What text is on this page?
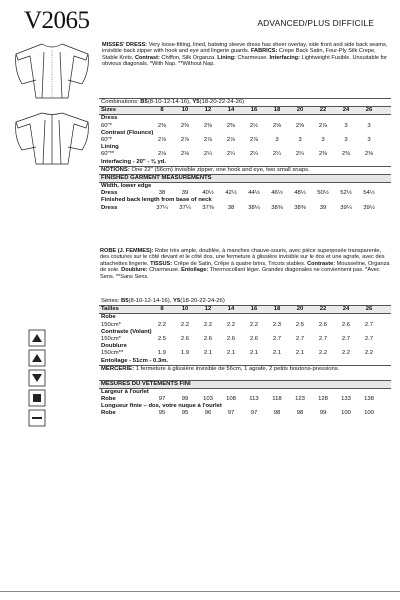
V2065	ADVANCED/PLUS DIFFICILE

MISSES' DRESS: Very loose-fitting, lined, batwing sleeve dress has sheer overlay, side front and side back seams, invisible back zipper with hook and eye and lingerie guards. FABRICS: Crepe Back Satin, Four-Ply Silk Crepe, Stable Knits. Contrast: Chiffon, Silk Organza. Lining: Charmeuse. Interfacing: Lightweight Fusible. Unsuitable for obvious diagonals. *With Nap. **Without Nap.

Combinations: B5(8-10-12-14-16), Y5(18-20-22-24-26)
Sizes	8	10	12	14	16	18	20	22	24	26
Dress
60"*	2⅜	2⅜	2⅜	2⅜	2½	2⅝	2⅝	2⅞	3	3
Contrast (Flounce)
60"*	2⅞	2⅞	2⅞	2⅞	2⅞	3	3	3	3	3
Lining
60"**	2⅛	2⅛	2¼	2¼	2¼	2¼	2¼	2⅜	2⅜	2⅜
Interfacing - 20" - ⅜ yd.
NOTIONS: One 22" (56cm) invisible zipper, one hook and eye, two small snaps.
FINISHED GARMENT MEASUREMENTS
Width, lower edge
Dress	38	39	40½	42½	44½	46½	48½	50½	52½	54½
Finished back length from base of neck
Dress	37¼	37¼	37⅜	38	38¼	38⅜	38⅜	39	39¼	39½

ROBE (J. FEMMES): Robe très ample, doublée, à manches chauve-souris, avec pièce superposée transparente, des coutures sur le côté devant et le côté dos, une fermeture à glissière invisible sur le dos et une agrafe, avec des attachettes lingerie. TISSUS: Crêpe de Satin, Crêpe à quatre brins, Tricots stables. Contraste: Mousseline, Organza de soie. Doublure: Charmeuse. Entoilage: Thermocollant léger. Grandes diagonales ne conviennent pas. *Avec Sens. **Sans Sens.

Séries: B5(8-10-12-14-16), Y5(18-20-22-24-26)
Tailles	8	10	12	14	16	18	20	22	24	26
Robe
150cm*	2.2	2.2	2.2	2.2	2.2	2.3	2.5	2.6	2.6	2.7
Contraste (Volant)
150cm*	2.5	2.6	2.6	2.6	2.6	2.7	2.7	2.7	2.7	2.7
Doublure
150cm**	1.9	1.9	2.1	2.1	2.1	2.1	2.1	2.2	2.2	2.2
Entoilage - 51cm - 0.3m.
MERCERIE: 1 fermeture à glissière invisible de 56cm, 1 agrafe, 2 petits boutons-pressions.
MESURES DU VÊTEMENTS FINI
Largeur à l'ourlet
Robe	97	99	103	108	113	118	123	128	133	138
Longueur finie – dos, votre nuque à l'ourlet
Robe	95	95	96	97	97	98	98	99	100	100
